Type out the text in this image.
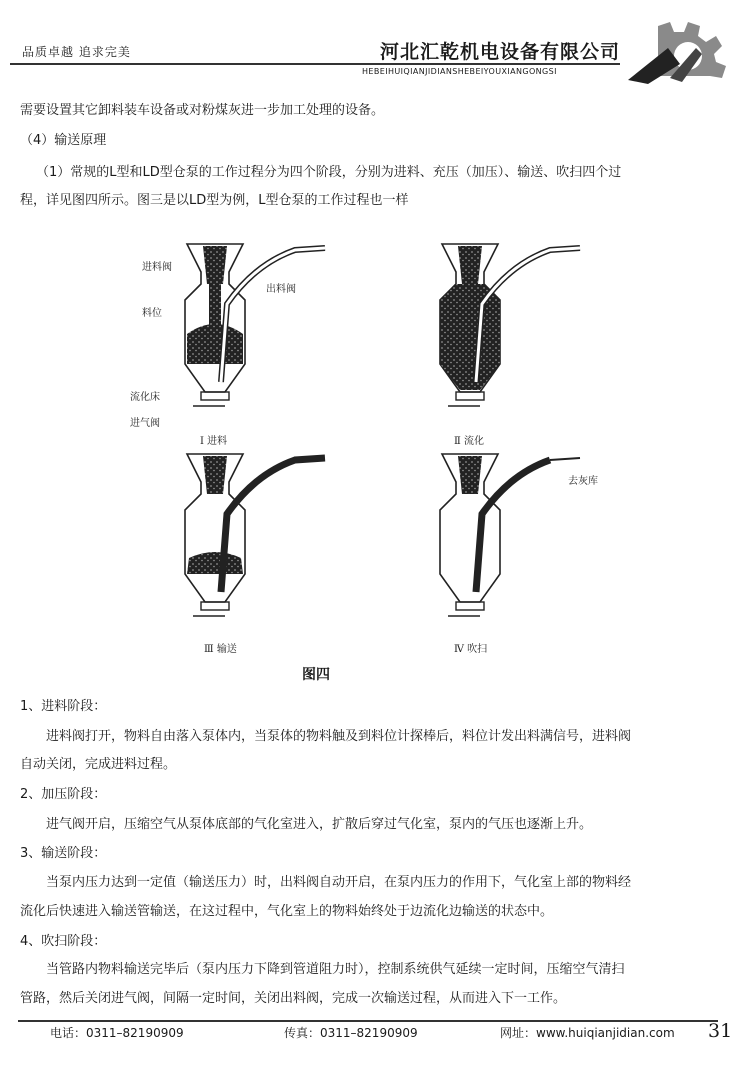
品质卓越 追求完美	河北汇乾机电设备有限公司
HEBEIHUIQIANJIDIANSHEBEIYOUXIANGONGSI
需要设置其它卸料装车设备或对粉煤灰进一步加工处理的设备。
（4）输送原理
（1）常规的L型和LD型仓泵的工作过程分为四个阶段，分别为进料、充压（加压）、输送、吹扫四个过
程，详见图四所示。图三是以LD型为例，L型仓泵的工作过程也一样
1、进料阶段：
进料阀打开，物料自由落入泵体内，当泵体的物料触及到料位计探棒后，料位计发出料满信号，进料阀
自动关闭，完成进料过程。
2、加压阶段：
进气阀开启，压缩空气从泵体底部的气化室进入，扩散后穿过气化室，泵内的气压也逐渐上升。
3、输送阶段：
当泵内压力达到一定值（输送压力）时，出料阀自动开启，在泵内压力的作用下，气化室上部的物料经
流化后快速进入输送管输送，在这过程中，气化室上的物料始终处于边流化边输送的状态中。
4、吹扫阶段：
当管路内物料输送完毕后（泵内压力下降到管道阻力时），控制系统供气延续一定时间，压缩空气清扫
管路，然后关闭进气阀，间隔一定时间，关闭出料阀，完成一次输送过程，从而进入下一工作。
进料阀
出料阀
料位
流化床
进气阀
去灰库
Ⅰ 进料	Ⅱ 流化
Ⅲ 输送	Ⅳ 吹扫
图四
电话：0311–82190909	传真：0311–82190909	网址：www.huiqianjidian.com 31
